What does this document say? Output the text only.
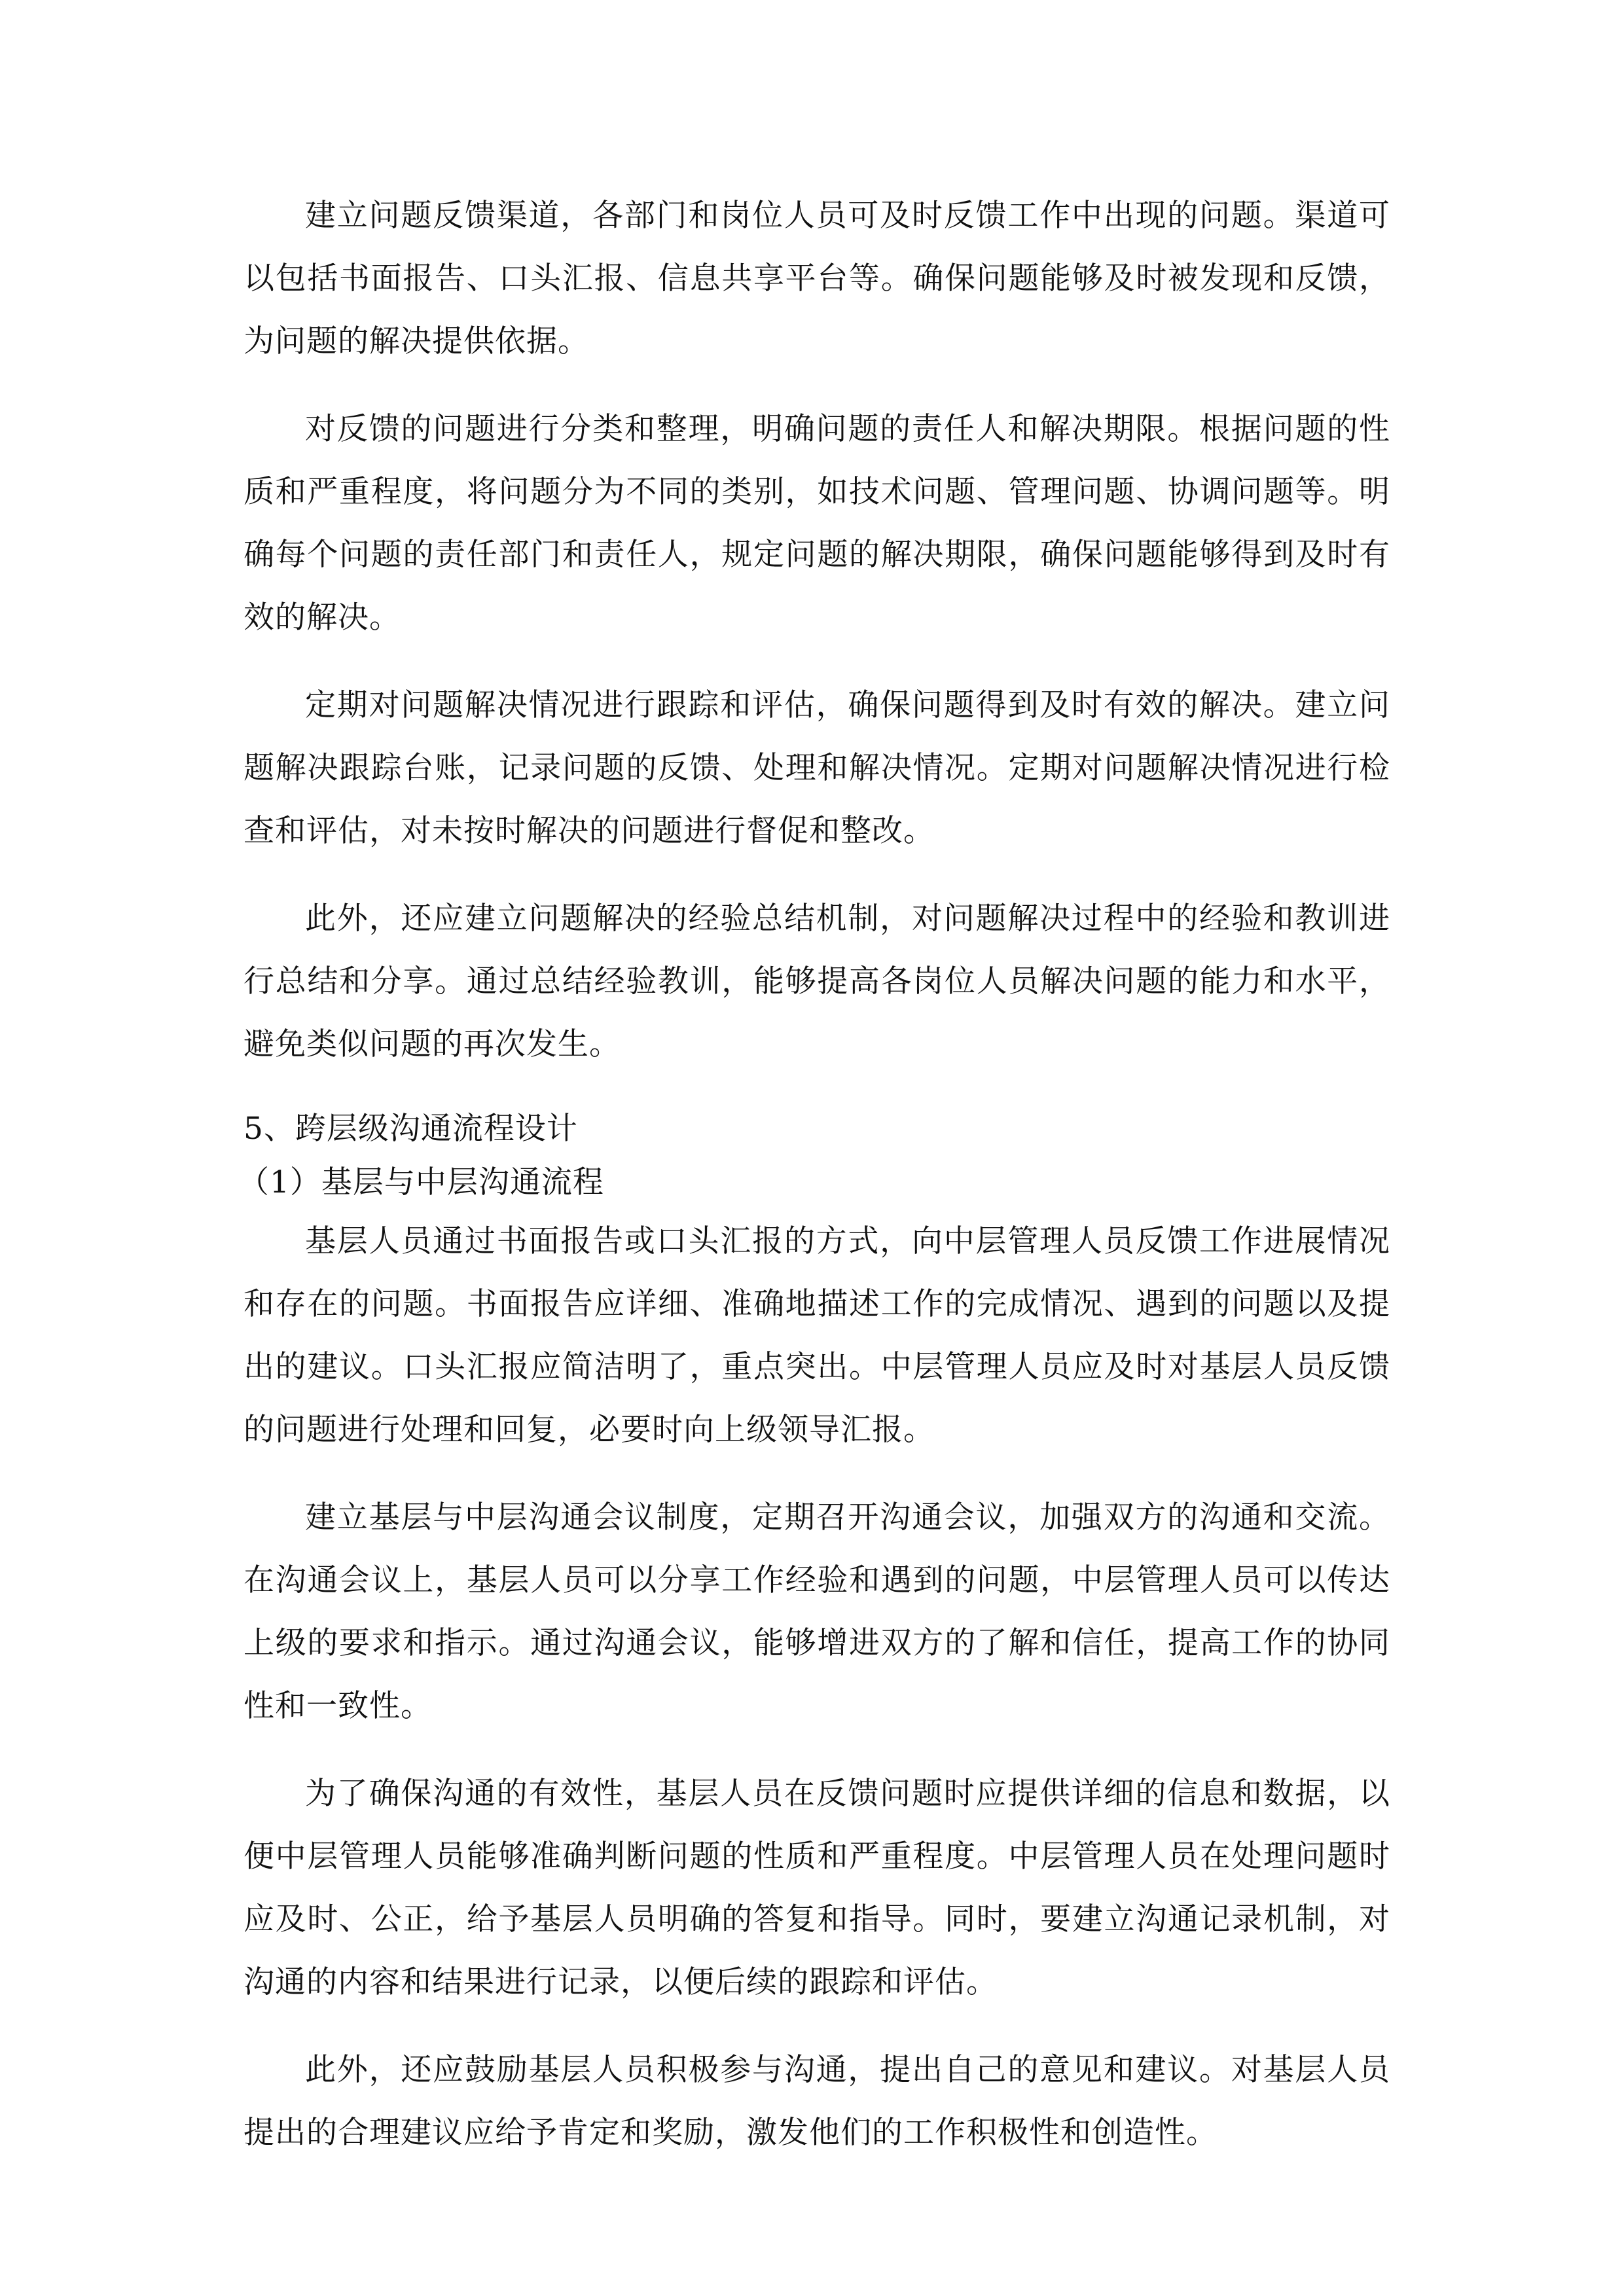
建立问题反馈渠道，各部门和岗位人员可及时反馈工作中出现的问题。渠道可以包括书面报告、口头汇报、信息共享平台等。确保问题能够及时被发现和反馈，为问题的解决提供依据。

对反馈的问题进行分类和整理，明确问题的责任人和解决期限。根据问题的性质和严重程度，将问题分为不同的类别，如技术问题、管理问题、协调问题等。明确每个问题的责任部门和责任人，规定问题的解决期限，确保问题能够得到及时有效的解决。

定期对问题解决情况进行跟踪和评估，确保问题得到及时有效的解决。建立问题解决跟踪台账，记录问题的反馈、处理和解决情况。定期对问题解决情况进行检查和评估，对未按时解决的问题进行督促和整改。

此外，还应建立问题解决的经验总结机制，对问题解决过程中的经验和教训进行总结和分享。通过总结经验教训，能够提高各岗位人员解决问题的能力和水平，避免类似问题的再次发生。

5、跨层级沟通流程设计

（1）基层与中层沟通流程

基层人员通过书面报告或口头汇报的方式，向中层管理人员反馈工作进展情况和存在的问题。书面报告应详细、准确地描述工作的完成情况、遇到的问题以及提出的建议。口头汇报应简洁明了，重点突出。中层管理人员应及时对基层人员反馈的问题进行处理和回复，必要时向上级领导汇报。

建立基层与中层沟通会议制度，定期召开沟通会议，加强双方的沟通和交流。在沟通会议上，基层人员可以分享工作经验和遇到的问题，中层管理人员可以传达上级的要求和指示。通过沟通会议，能够增进双方的了解和信任，提高工作的协同性和一致性。

为了确保沟通的有效性，基层人员在反馈问题时应提供详细的信息和数据，以便中层管理人员能够准确判断问题的性质和严重程度。中层管理人员在处理问题时应及时、公正，给予基层人员明确的答复和指导。同时，要建立沟通记录机制，对沟通的内容和结果进行记录，以便后续的跟踪和评估。

此外，还应鼓励基层人员积极参与沟通，提出自己的意见和建议。对基层人员提出的合理建议应给予肯定和奖励，激发他们的工作积极性和创造性。
